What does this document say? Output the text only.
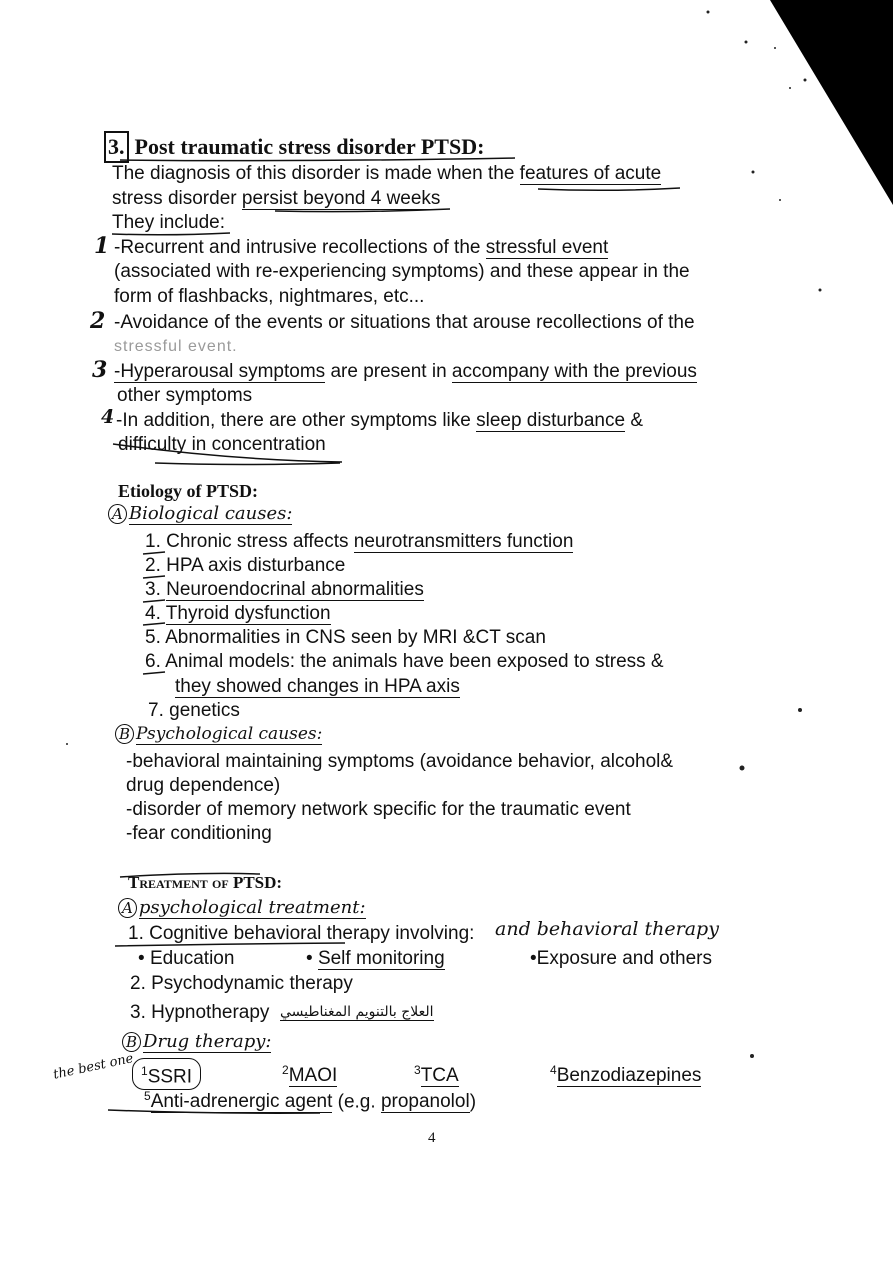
3. Post traumatic stress disorder PTSD:
The diagnosis of this disorder is made when the features of acute
stress disorder persist beyond 4 weeks
They include:
1 -Recurrent and intrusive recollections of the stressful event
(associated with re-experiencing symptoms) and these appear in the
form of flashbacks, nightmares, etc...
2 -Avoidance of the events or situations that arouse recollections of the
stressful event.
3 -Hyperarousal symptoms are present in accompany with the previous
other symptoms
4 -In addition, there are other symptoms like sleep disturbance &
difficulty in concentration
Etiology of PTSD:
A Biological causes:
1. Chronic stress affects neurotransmitters function
2. HPA axis disturbance
3. Neuroendocrinal abnormalities
4. Thyroid dysfunction
5. Abnormalities in CNS seen by MRI &CT scan
6. Animal models: the animals have been exposed to stress &
they showed changes in HPA axis
7. genetics
B Psychological causes:
-behavioral maintaining symptoms (avoidance behavior, alcohol&
drug dependence)
-disorder of memory network specific for the traumatic event
-fear conditioning
Treatment of PTSD:
A psychological treatment:
1. Cognitive behavioral therapy involving: and behavioral therapy
• Education	• Self monitoring	•Exposure and others
2. Psychodynamic therapy
3. Hypnotherapy العلاج بالتنويم المغناطيسي
B Drug therapy:
$^1$SSRI	$^2$MAOI	$^3$TCA	$^4$Benzodiazepines
$^5$Anti-adrenergic agent (e.g. propanolol)
the best one
4
